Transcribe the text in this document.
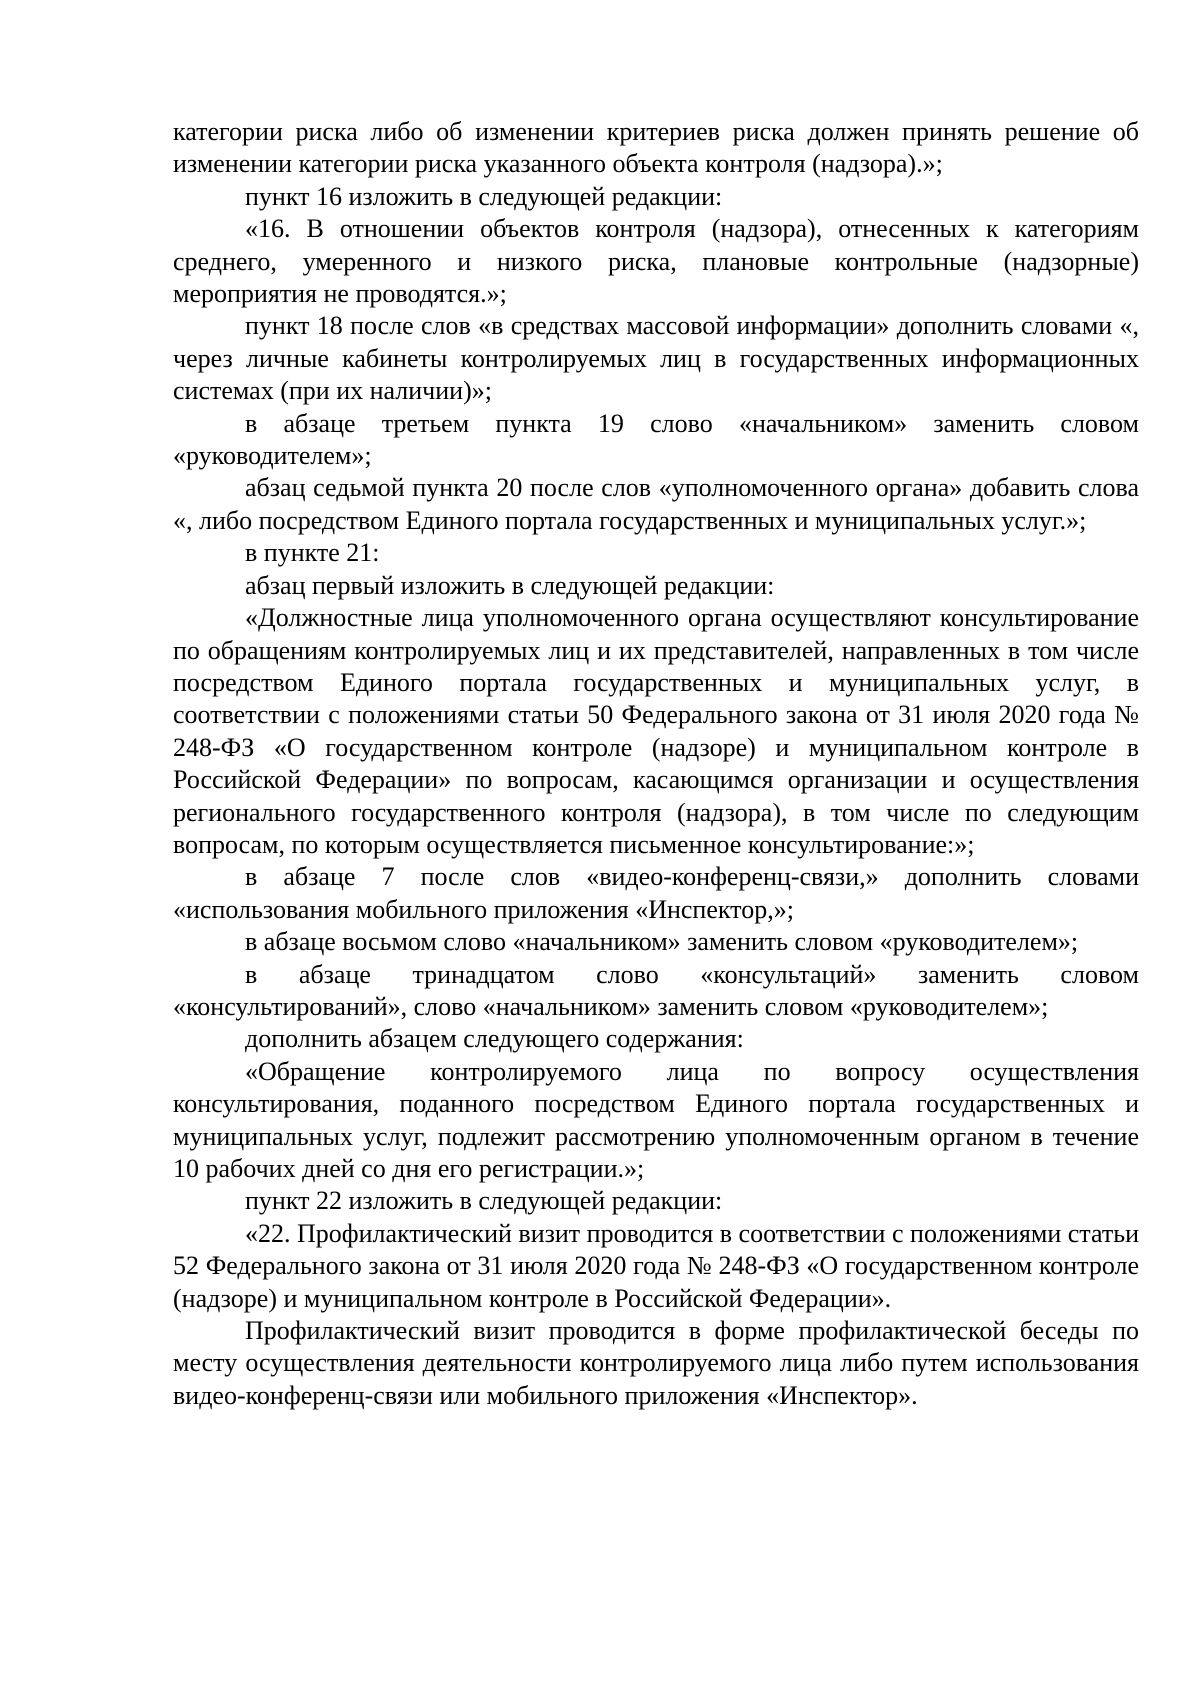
категории риска либо об изменении критериев риска должен принять решение об изменении категории риска указанного объекта контроля (надзора).»;

пункт 16 изложить в следующей редакции:

«16. В отношении объектов контроля (надзора), отнесенных к категориям среднего, умеренного и низкого риска, плановые контрольные (надзорные) мероприятия не проводятся.»;

пункт 18 после слов «в средствах массовой информации» дополнить словами «, через личные кабинеты контролируемых лиц в государственных информационных системах (при их наличии)»;

в абзаце третьем пункта 19 слово «начальником» заменить словом «руководителем»;

абзац седьмой пункта 20 после слов «уполномоченного органа» добавить слова «, либо посредством Единого портала государственных и муниципальных услуг.»;

в пункте 21:

абзац первый изложить в следующей редакции:

«Должностные лица уполномоченного органа осуществляют консультирование по обращениям контролируемых лиц и их представителей, направленных в том числе посредством Единого портала государственных и муниципальных услуг, в соответствии с положениями статьи 50 Федерального закона от 31 июля 2020 года № 248-ФЗ «О государственном контроле (надзоре) и муниципальном контроле в Российской Федерации» по вопросам, касающимся организации и осуществления регионального государственного контроля (надзора), в том числе по следующим вопросам, по которым осуществляется письменное консультирование:»;

в абзаце 7 после слов «видео-конференц-связи,» дополнить словами «использования мобильного приложения «Инспектор,»;

в абзаце восьмом слово «начальником» заменить словом «руководителем»;

в абзаце тринадцатом слово «консультаций» заменить словом «консультирований», слово «начальником» заменить словом «руководителем»;

дополнить абзацем следующего содержания:

«Обращение контролируемого лица по вопросу осуществления консультирования, поданного посредством Единого портала государственных и муниципальных услуг, подлежит рассмотрению уполномоченным органом в течение 10 рабочих дней со дня его регистрации.»;

пункт 22 изложить в следующей редакции:

«22. Профилактический визит проводится в соответствии с положениями статьи 52 Федерального закона от 31 июля 2020 года № 248-ФЗ «О государственном контроле (надзоре) и муниципальном контроле в Российской Федерации».

Профилактический визит проводится в форме профилактической беседы по месту осуществления деятельности контролируемого лица либо путем использования видео-конференц-связи или мобильного приложения «Инспектор».
